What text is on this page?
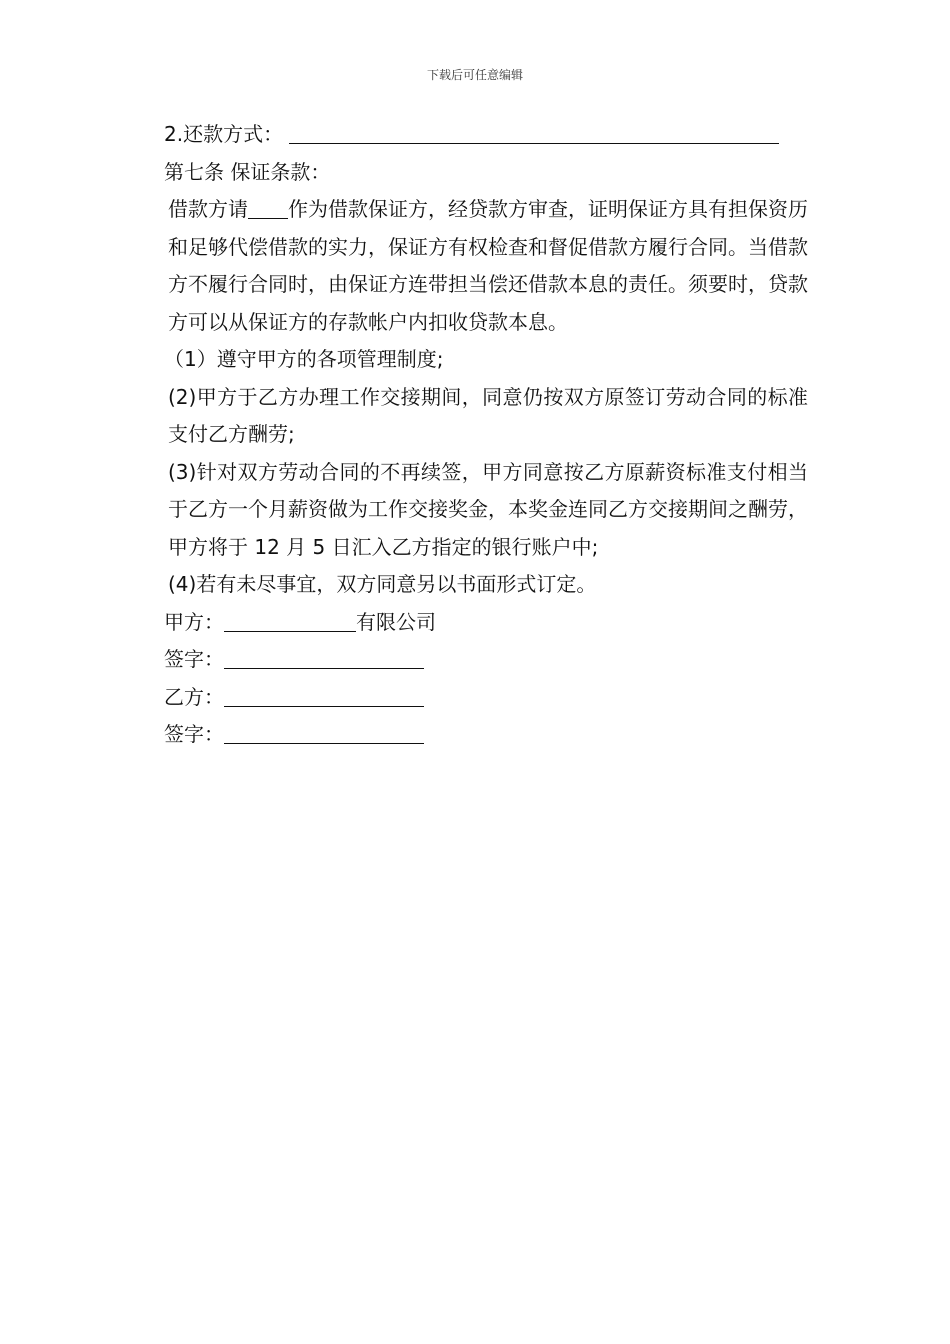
下载后可任意编辑

2.还款方式：

第七条 保证条款：

借款方请 作为借款保证方，经贷款方审查，证明保证方具有担保资历和足够代偿借款的实力，保证方有权检查和督促借款方履行合同。当借款方不履行合同时，由保证方连带担当偿还借款本息的责任。须要时，贷款方可以从保证方的存款帐户内扣收贷款本息。

（1）遵守甲方的各项管理制度;

(2)甲方于乙方办理工作交接期间，同意仍按双方原签订劳动合同的标准支付乙方酬劳;

(3)针对双方劳动合同的不再续签，甲方同意按乙方原薪资标准支付相当于乙方一个月薪资做为工作交接奖金，本奖金连同乙方交接期间之酬劳，甲方将于 12 月 5 日汇入乙方指定的银行账户中;

(4)若有未尽事宜，双方同意另以书面形式订定。

甲方：	有限公司

签字：

乙方：

签字：
